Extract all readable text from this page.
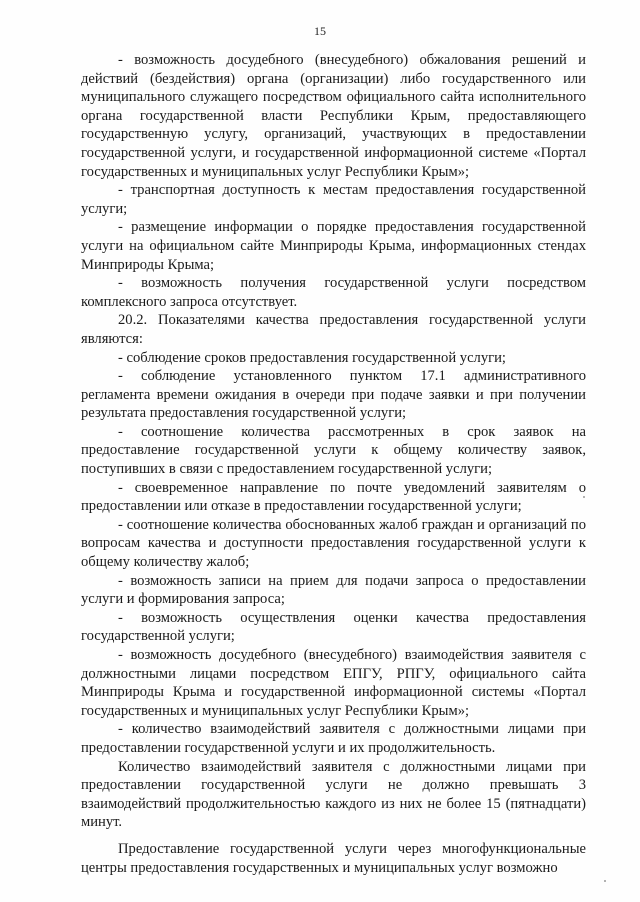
15

- возможность досудебного (внесудебного) обжалования решений и действий (бездействия) органа (организации) либо государственного или муниципального служащего посредством официального сайта исполнительного органа государственной власти Республики Крым, предоставляющего государственную услугу, организаций, участвующих в предоставлении государственной услуги, и государственной информационной системе «Портал государственных и муниципальных услуг Республики Крым»;

- транспортная доступность к местам предоставления государственной услуги;

- размещение информации о порядке предоставления государственной услуги на официальном сайте Минприроды Крыма, информационных стендах Минприроды Крыма;

- возможность получения государственной услуги посредством комплексного запроса отсутствует.

20.2. Показателями качества предоставления государственной услуги являются:

- соблюдение сроков предоставления государственной услуги;

- соблюдение установленного пунктом 17.1 административного регламента времени ожидания в очереди при подаче заявки и при получении результата предоставления государственной услуги;

- соотношение количества рассмотренных в срок заявок на предоставление государственной услуги к общему количеству заявок, поступивших в связи с предоставлением государственной услуги;

- своевременное направление по почте уведомлений заявителям о предоставлении или отказе в предоставлении государственной услуги;

- соотношение количества обоснованных жалоб граждан и организаций по вопросам качества и доступности предоставления государственной услуги к общему количеству жалоб;

- возможность записи на прием для подачи запроса о предоставлении услуги и формирования запроса;

- возможность осуществления оценки качества предоставления государственной услуги;

- возможность досудебного (внесудебного) взаимодействия заявителя с должностными лицами посредством ЕПГУ, РПГУ, официального сайта Минприроды Крыма и государственной информационной системы «Портал государственных и муниципальных услуг Республики Крым»;

- количество взаимодействий заявителя с должностными лицами при предоставлении государственной услуги и их продолжительность.

Количество взаимодействий заявителя с должностными лицами при предоставлении государственной услуги не должно превышать 3 взаимодействий продолжительностью каждого из них не более 15 (пятнадцати) минут.

Предоставление государственной услуги через многофункциональные центры предоставления государственных и муниципальных услуг возможно
